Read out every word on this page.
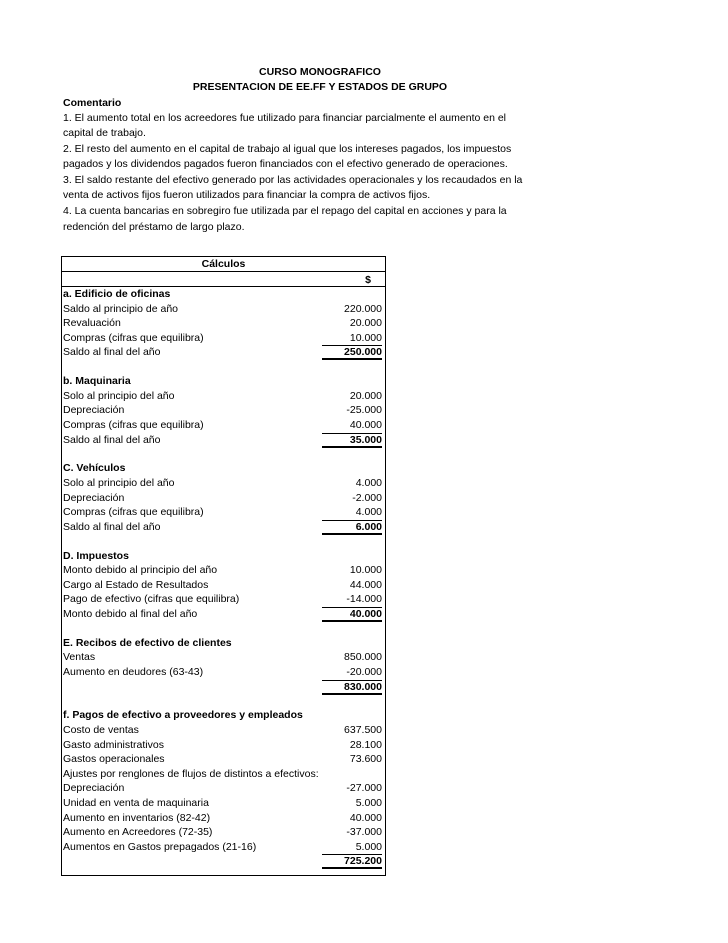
CURSO MONOGRAFICO
PRESENTACION DE EE.FF Y ESTADOS DE GRUPO
Comentario

1. El aumento total en los acreedores fue utilizado para financiar parcialmente el aumento en el

capital de trabajo.

2. El resto del aumento en el capital de trabajo al igual que los intereses pagados, los impuestos

pagados y los dividendos pagados fueron financiados con el efectivo generado de operaciones.

3. El saldo restante del efectivo generado por las actividades operacionales y los recaudados en la

venta de activos fijos fueron utilizados para financiar la compra de activos fijos.

4. La cuenta bancarias en sobregiro fue utilizada par el repago del capital en acciones y para la

redención del préstamo de largo plazo.

Cálculos
$
a. Edificio de oficinas
Saldo al principio de año	220.000
Revaluación	20.000
Compras (cifras que equilibra)	10.000
Saldo al final del año	250.000
b. Maquinaria
Solo al principio del año	20.000
Depreciación	-25.000
Compras (cifras que equilibra)	40.000
Saldo al final del año	35.000
C. Vehículos
Solo al principio del año	4.000
Depreciación	-2.000
Compras (cifras que equilibra)	4.000
Saldo al final del año	6.000
D. Impuestos
Monto debido al principio del año	10.000
Cargo al Estado de Resultados	44.000
Pago de efectivo (cifras que equilibra)	-14.000
Monto debido al final del año	40.000
E. Recibos de efectivo de clientes
Ventas	850.000
Aumento en deudores (63-43)	-20.000
830.000
f. Pagos de efectivo a proveedores y empleados
Costo de ventas	637.500
Gasto administrativos	28.100
Gastos operacionales	73.600
Ajustes por renglones de flujos de distintos a efectivos:
Depreciación	-27.000
Unidad en venta de maquinaria	5.000
Aumento en inventarios (82-42)	40.000
Aumento en Acreedores (72-35)	-37.000
Aumentos en Gastos prepagados (21-16)	5.000
725.200
